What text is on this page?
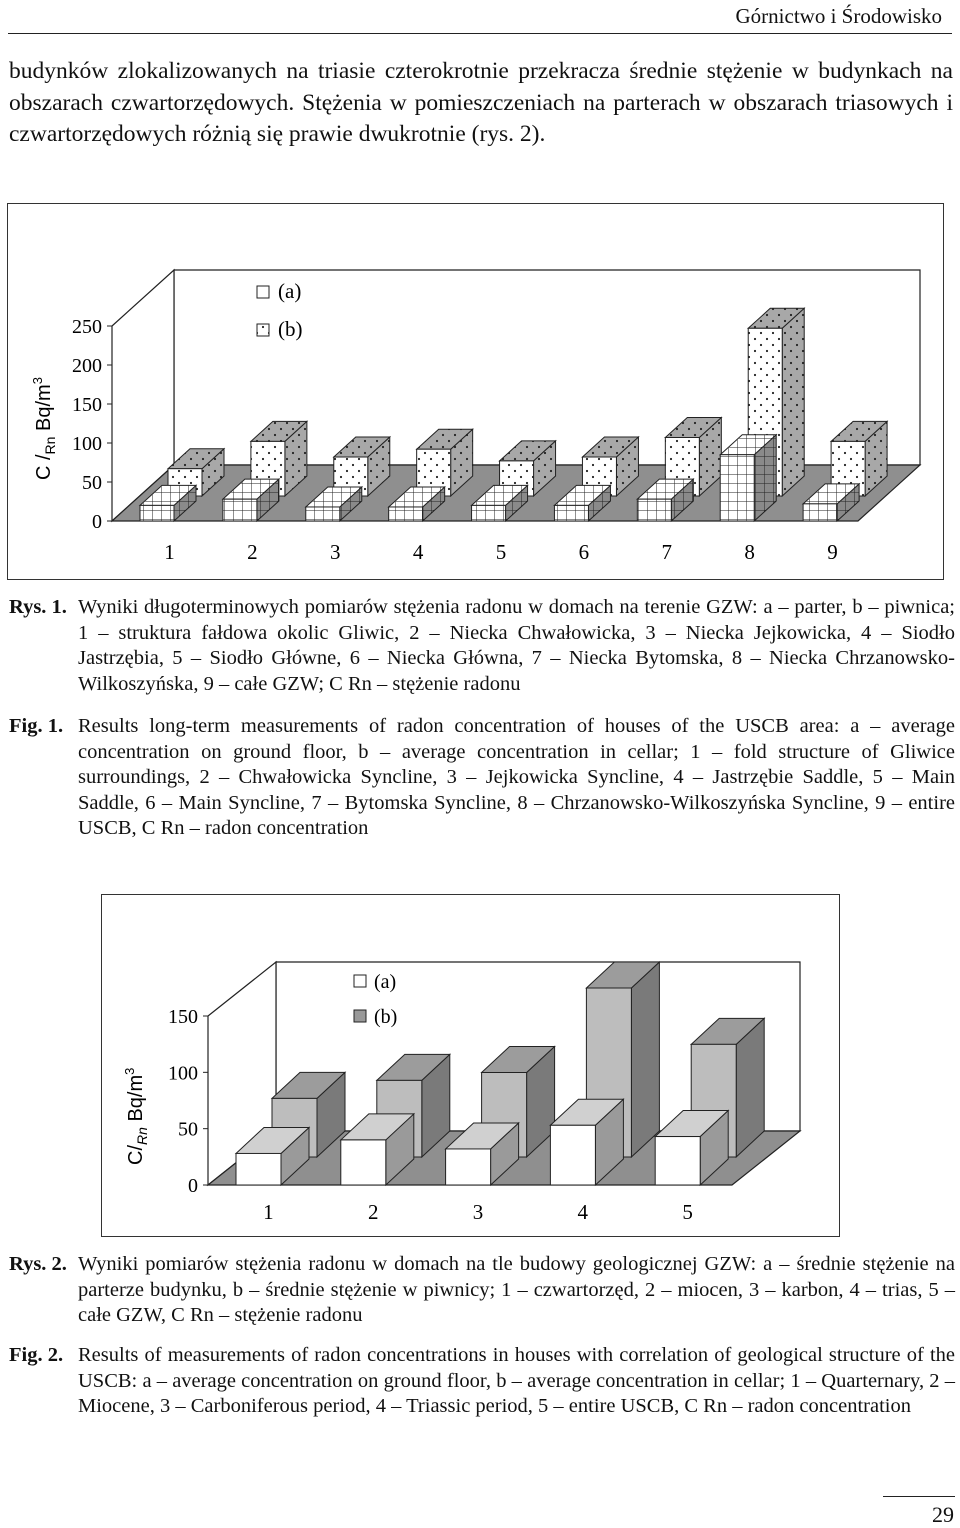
Górnictwo i Środowisko

budynków zlokalizowanych na triasie czterokrotnie przekracza średnie stężenie w budynkach na obszarach czwartorzędowych. Stężenia w pomieszczeniach na parterach w obszarach triasowych i czwartorzędowych różnią się prawie dwukrotnie (rys. 2).

0
50
100
150
200
250
1	2	3	4	5	6	7	8	9
(a)
(b)
C $/_{Rn}$ $Bq/m^3$
Rys. 1. Wyniki długoterminowych pomiarów stężenia radonu w domach na terenie GZW: a – parter, b – piwnica; 1 – struktura fałdowa okolic Gliwic, 2 – Niecka Chwałowicka, 3 – Niecka Jejkowicka, 4 – Siodło Jastrzębia, 5 – Siodło Główne, 6 – Niecka Główna, 7 – Niecka Bytomska, 8 – Niecka Chrzanowsko-Wilkoszyńska, 9 – całe GZW; C Rn – stężenie radonu
Fig. 1. Results long-term measurements of radon concentration of houses of the USCB area: a – average concentration on ground floor, b – average concentration in cellar; 1 – fold structure of Gliwice surroundings, 2 – Chwałowicka Syncline, 3 – Jejkowicka Syncline, 4 – Jastrzębie Saddle, 5 – Main Saddle, 6 – Main Syncline, 7 – Bytomska Syncline, 8 – Chrzanowsko-Wilkoszyńska Syncline, 9 – entire USCB, C Rn – radon concentration
0
50
100
150
1	2	3	4	5
(a)
(b)
$C/_{Rn}$ $Bq/m^3$
Rys. 2. Wyniki pomiarów stężenia radonu w domach na tle budowy geologicznej GZW: a – średnie stężenie na parterze budynku, b – średnie stężenie w piwnicy; 1 – czwartorzęd, 2 – miocen, 3 – karbon, 4 – trias, 5 – całe GZW, C Rn – stężenie radonu
Fig. 2. Results of measurements of radon concentrations in houses with correlation of geological structure of the USCB: a – average concentration on ground floor, b – average concentration in cellar; 1 – Quarternary, 2 – Miocene, 3 – Carboniferous period, 4 – Triassic period, 5 – entire USCB, C Rn – radon concentration
29
